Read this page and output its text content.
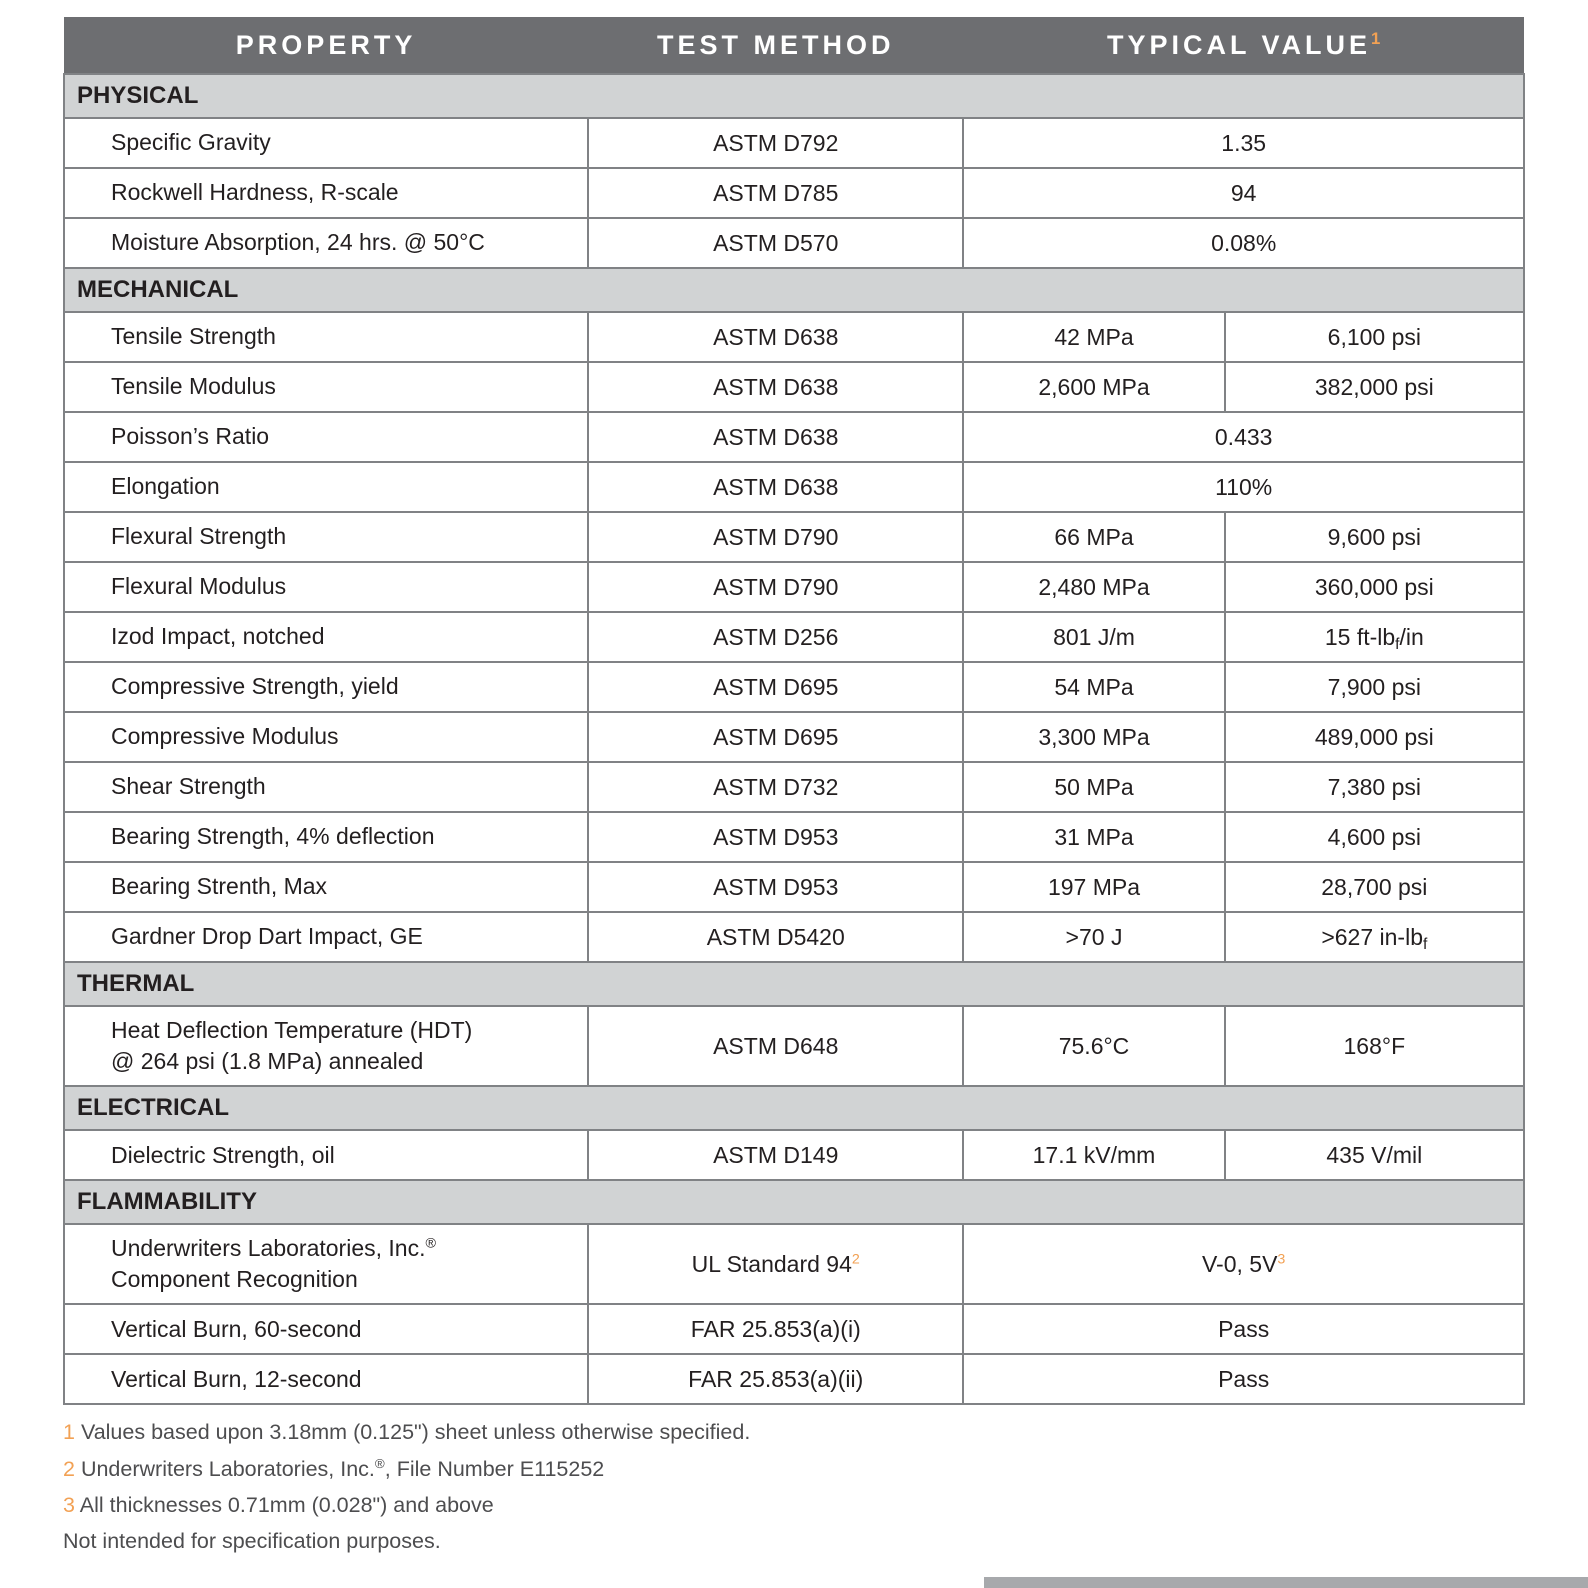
PROPERTY	TEST METHOD	TYPICAL VALUE$^1$
PHYSICAL			
Specific Gravity	ASTM D792	1.35	
Rockwell Hardness, R-scale	ASTM D785	94	
Moisture Absorption, 24 hrs. @ 50°C	ASTM D570	0.08%	
MECHANICAL			
Tensile Strength	ASTM D638	42 MPa	6,100 psi
Tensile Modulus	ASTM D638	2,600 MPa	382,000 psi
Poisson’s Ratio	ASTM D638	0.433	
Elongation	ASTM D638	110%	
Flexural Strength	ASTM D790	66 MPa	9,600 psi
Flexural Modulus	ASTM D790	2,480 MPa	360,000 psi
Izod Impact, notched	ASTM D256	801 J/m	15 $ft-lb_f/in$
Compressive Strength, yield	ASTM D695	54 MPa	7,900 psi
Compressive Modulus	ASTM D695	3,300 MPa	489,000 psi
Shear Strength	ASTM D732	50 MPa	7,380 psi
Bearing Strength, 4% deflection	ASTM D953	31 MPa	4,600 psi
Bearing Strenth, Max	ASTM D953	197 MPa	28,700 psi
Gardner Drop Dart Impact, GE	ASTM D5420	>70 J	>627 $in-lb_f$
THERMAL			
Heat Deflection Temperature (HDT)
@ 264 psi (1.8 MPa) annealed	ASTM D648	75.6°C	168°F
ELECTRICAL			
Dielectric Strength, oil	ASTM D149	17.1 kV/mm	435 V/mil
FLAMMABILITY			
Underwriters Laboratories, Inc.®
Component Recognition	UL Standard 94$^2$	V-0, 5V$^3$
Vertical Burn, 60-second	FAR 25.853(a)(i)	Pass	
Vertical Burn, 12-second	FAR 25.853(a)(ii)	Pass	
1 Values based upon 3.18mm (0.125") sheet unless otherwise specified.
2 Underwriters Laboratories, Inc.®, File Number E115252
3 All thicknesses 0.71mm (0.028") and above
Not intended for specification purposes.
